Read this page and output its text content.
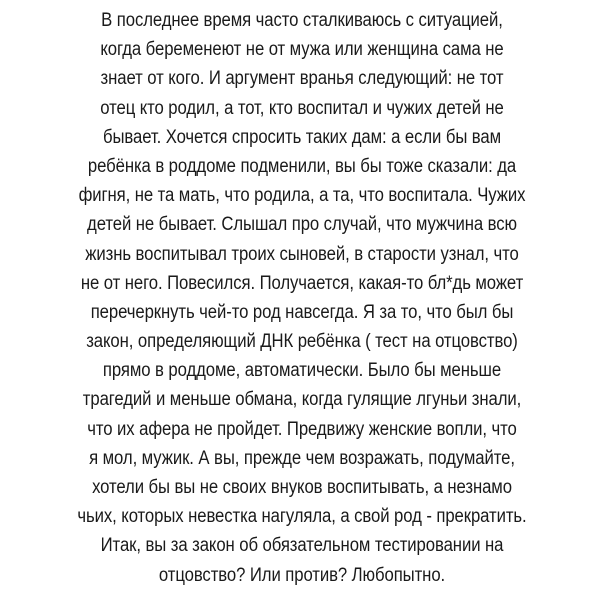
В последнее время часто сталкиваюсь с ситуацией,
когда беременеют не от мужа или женщина сама не
знает от кого. И аргумент вранья следующий: не тот
отец кто родил, а тот, кто воспитал и чужих детей не
бывает. Хочется спросить таких дам: а если бы вам
ребёнка в роддоме подменили, вы бы тоже сказали: да
фигня, не та мать, что родила, а та, что воспитала. Чужих
детей не бывает. Слышал про случай, что мужчина всю
жизнь воспитывал троих сыновей, в старости узнал, что
не от него. Повесился. Получается, какая-то бл*дь может
перечеркнуть чей-то род навсегда. Я за то, что был бы
закон, определяющий ДНК ребёнка ( тест на отцовство)
прямо в роддоме, автоматически. Было бы меньше
трагедий и меньше обмана, когда гулящие лгуньи знали,
что их афера не пройдет. Предвижу женские вопли, что
я мол, мужик. А вы, прежде чем возражать, подумайте,
хотели бы вы не своих внуков воспитывать, а незнамо
чьих, которых невестка нагуляла, а свой род - прекратить.
Итак, вы за закон об обязательном тестировании на
отцовство? Или против? Любопытно.
